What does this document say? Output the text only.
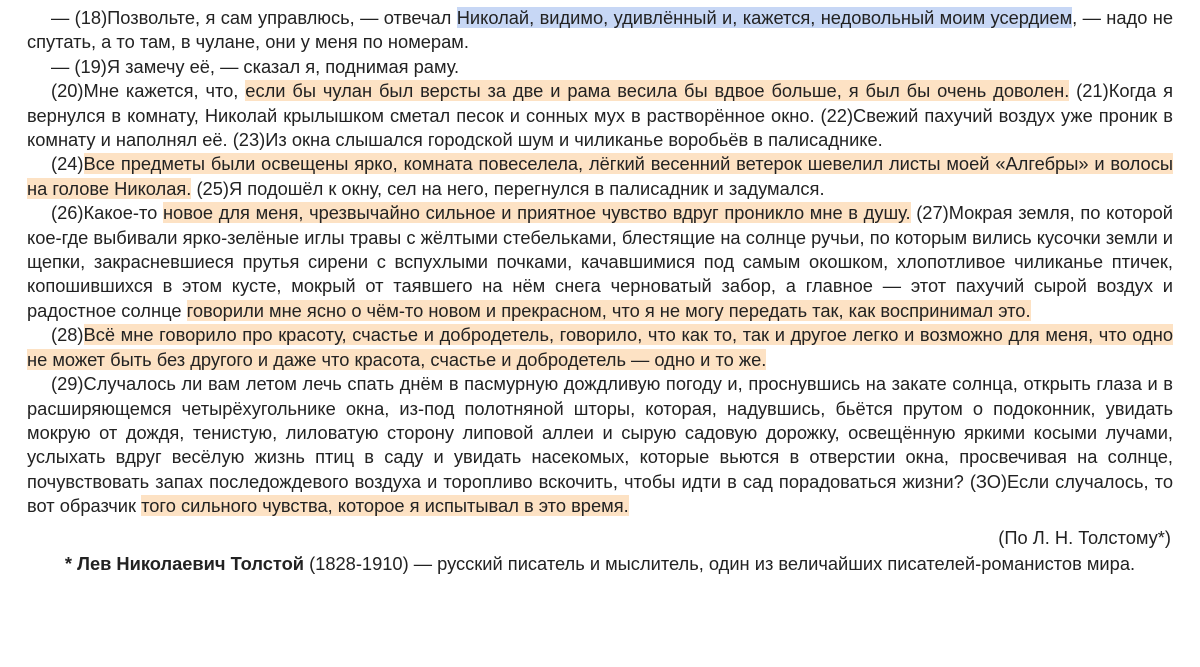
— (18)Позвольте, я сам управлюсь, — отвечал Николай, видимо, удивлённый и, кажется, недовольный моим усердием, — надо не спутать, а то там, в чулане, они у меня по номерам.

— (19)Я замечу её, — сказал я, поднимая раму.

(20)Мне кажется, что, если бы чулан был версты за две и рама весила бы вдвое больше, я был бы очень доволен. (21)Когда я вернулся в комнату, Николай крылышком сметал песок и сонных мух в растворённое окно. (22)Свежий пахучий воздух уже проник в комнату и наполнял её. (23)Из окна слышался городской шум и чиликанье воробьёв в палисаднике.

(24)Все предметы были освещены ярко, комната повеселела, лёгкий весенний ветерок шевелил листы моей «Алгебры» и волосы на голове Николая. (25)Я подошёл к окну, сел на него, перегнулся в палисадник и задумался.

(26)Какое-то новое для меня, чрезвычайно сильное и приятное чувство вдруг проникло мне в душу. (27)Мокрая земля, по которой кое-где выбивали ярко-зелёные иглы травы с жёлтыми стебельками, блестящие на солнце ручьи, по которым вились кусочки земли и щепки, закрасневшиеся прутья сирени с вспухлыми почками, качавшимися под самым окошком, хлопотливое чиликанье птичек, копошившихся в этом кусте, мокрый от таявшего на нём снега черноватый забор, а главное — этот пахучий сырой воздух и радостное солнце говорили мне ясно о чём-то новом и прекрасном, что я не могу передать так, как воспринимал это.

(28)Всё мне говорило про красоту, счастье и добродетель, говорило, что как то, так и другое легко и возможно для меня, что одно не может быть без другого и даже что красота, счастье и добродетель — одно и то же.

(29)Случалось ли вам летом лечь спать днём в пасмурную дождливую погоду и, проснувшись на закате солнца, открыть глаза и в расширяющемся четырёхугольнике окна, из-под полотняной шторы, которая, надувшись, бьётся прутом о подоконник, увидать мокрую от дождя, тенистую, лиловатую сторону липовой аллеи и сырую садовую дорожку, освещённую яркими косыми лучами, услыхать вдруг весёлую жизнь птиц в саду и увидать насекомых, которые вьются в отверстии окна, просвечивая на солнце, почувствовать запах последождевого воздуха и торопливо вскочить, чтобы идти в сад порадоваться жизни? (ЗО)Если случалось, то вот образчик того сильного чувства, которое я испытывал в это время.

(По Л. Н. Толстому*)
* Лев Николаевич Толстой (1828-1910) — русский писатель и мыслитель, один из величайших писателей-романистов мира.
